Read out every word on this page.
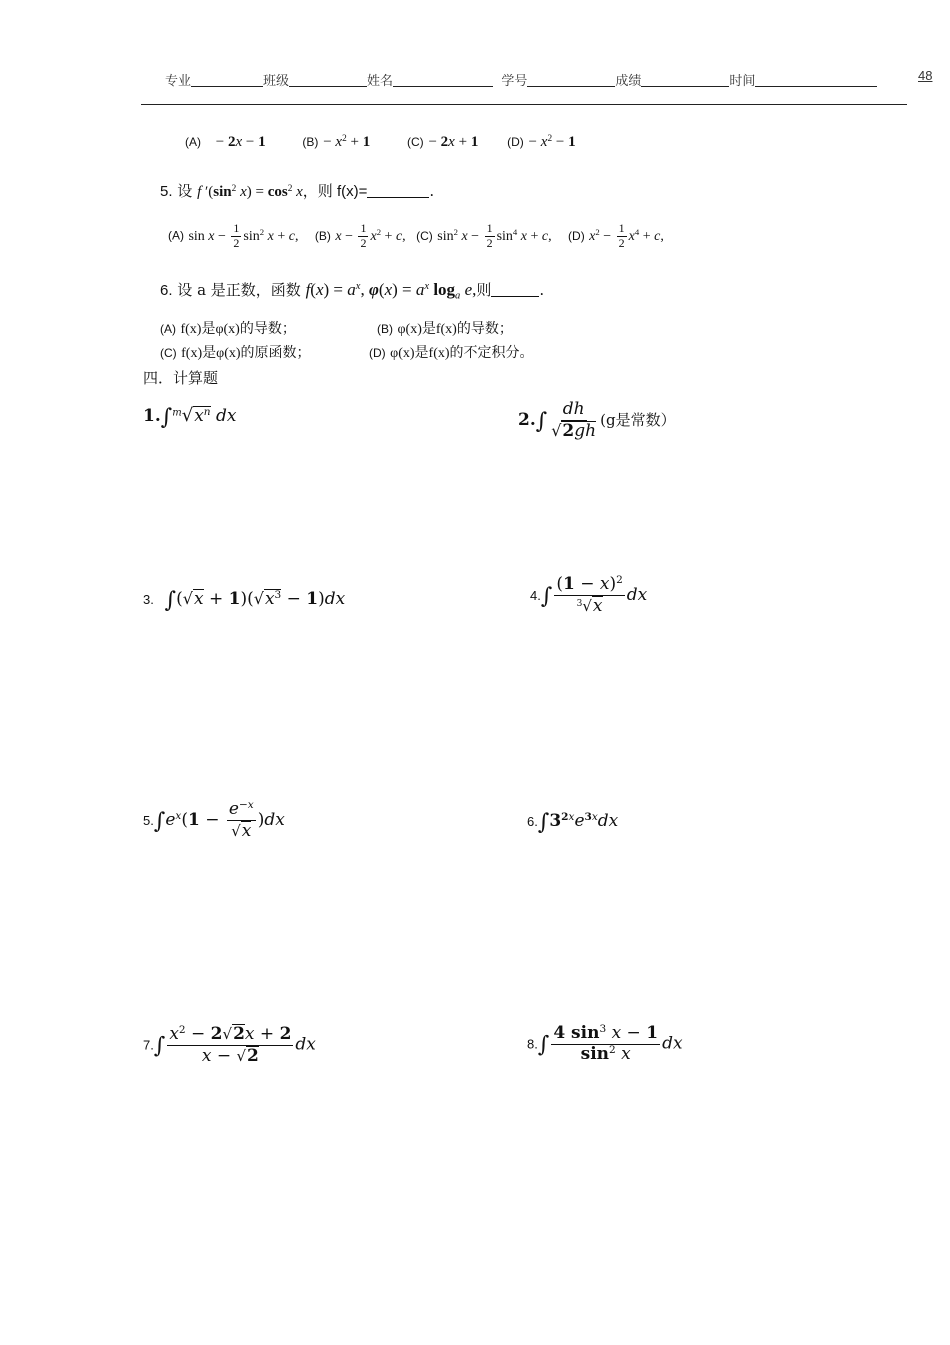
专业	班级	姓名	学号	成绩	时间	48
(A) − 2x − 1	$(B) - x^2 + 1$	(C) − 2x + 1 $(D) - x^2 - 1$
5. 设 f $'(\sin^2$ $x) = \cos^2 x$，则 f(x)=	.
(A) $\sin x - \frac{1}{2} \sin^2 x + c$, (B) $x - \frac{1}{2} x^2 + c$, (C) $\sin^2 x - \frac{1}{2} \sin^4 x + c$, (D) $x^2 - \frac{1}{2} x^4 + c$,
6. 设 a 是正数，函数 $f(x) = a^x$, $\varphi(x) = a^x$ $\log_a e$,则	.
(A) f(x)是φ(x)的导数；	(B) φ(x)是f(x)的导数；
(C) f(x)是φ(x)的原函数；	(D) φ(x)是f(x)的不定积分。
四．计算题
$1.\int^m√x^n$ dx	$2.\int \frac{dh}{√2gh} (g$是常数）
3. $\int(√x + 1)(√x^3 - 1)dx$	$4.\int \frac{(1 - x)^2}{^3√x}$ dx
$5.\int e^x(1 - \frac{e^{-x}}{√x} )dx$	$6.\int 3^{2x}e^{3x}dx$
$7.\int \frac{x^2 - 2√2x + 2}{x - √2}$ dx	$8.\int \frac{4 \sin^3 x - 1}{\sin^2 x}$ dx
